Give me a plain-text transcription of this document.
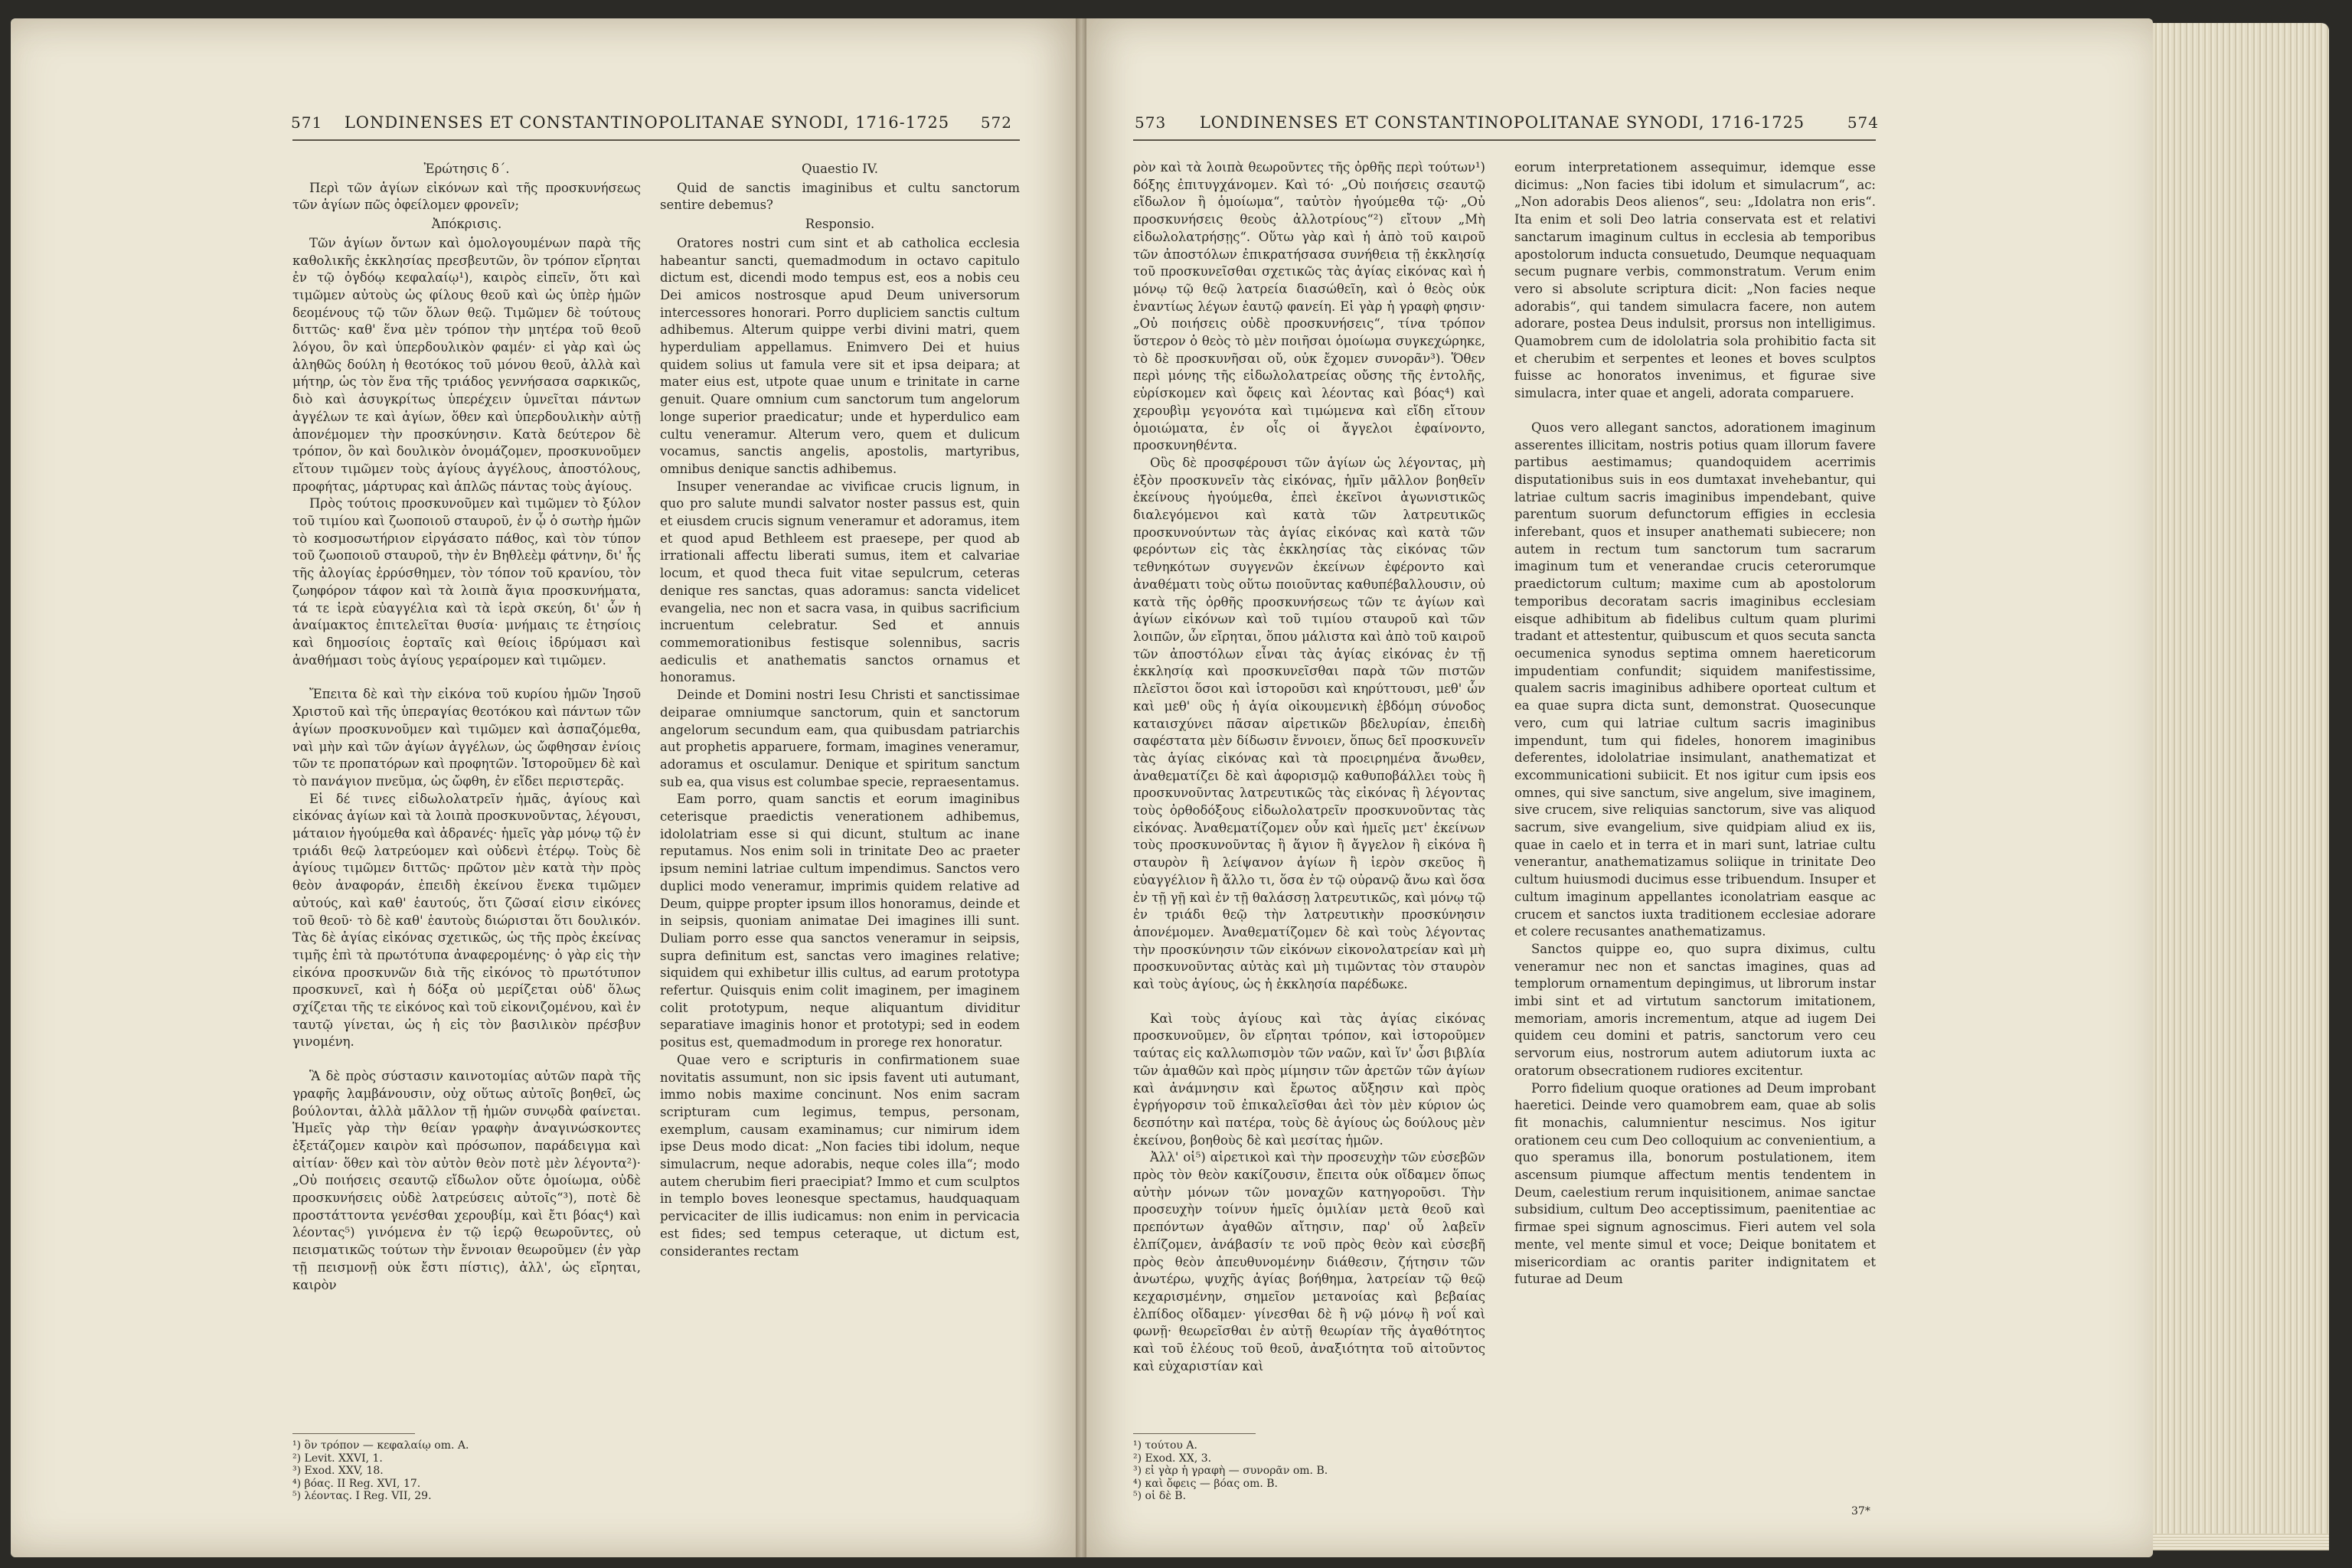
571	LONDINENSES ET CONSTANTINOPOLITANAE SYNODI, 1716-1725	572	573	LONDINENSES ET CONSTANTINOPOLITANAE SYNODI, 1716-1725	574

Ἐρώτησις δ΄.

Περὶ τῶν ἁγίων εἰκόνων καὶ τῆς προσκυνήσεως τῶν ἁγίων πῶς ὀφείλομεν φρονεῖν;

Ἀπόκρισις.

Τῶν ἁγίων ὄντων καὶ ὁμολογουμένων παρὰ τῆς καθολικῆς ἐκκλησίας πρεσβευτῶν, ὃν τρόπον εἴρηται ἐν τῷ ὀγδόῳ κεφαλαίῳ¹), καιρὸς εἰπεῖν, ὅτι καὶ τιμῶμεν αὐτοὺς ὡς φίλους θεοῦ καὶ ὡς ὑπὲρ ἡμῶν δεομένους τῷ τῶν ὅλων θεῷ. Τιμῶμεν δὲ τούτους διττῶς· καθ' ἕνα μὲν τρόπον τὴν μητέρα τοῦ θεοῦ λόγου, ὃν καὶ ὑπερδουλικὸν φαμέν· εἰ γὰρ καὶ ὡς ἀληθῶς δούλη ἡ θεοτόκος τοῦ μόνου θεοῦ, ἀλλὰ καὶ μήτηρ, ὡς τὸν ἕνα τῆς τριάδος γεννήσασα σαρκικῶς, διὸ καὶ ἀσυγκρίτως ὑπερέχειν ὑμνεῖται πάντων ἀγγέλων τε καὶ ἁγίων, ὅθεν καὶ ὑπερδουλικὴν αὐτῇ ἀπονέμομεν τὴν προσκύνησιν. Κατὰ δεύτερον δὲ τρόπον, ὃν καὶ δουλικὸν ὀνομάζομεν, προσκυνοῦμεν εἴτουν τιμῶμεν τοὺς ἁγίους ἀγγέλους, ἀποστόλους, προφήτας, μάρτυρας καὶ ἁπλῶς πάντας τοὺς ἁγίους.

Πρὸς τούτοις προσκυνοῦμεν καὶ τιμῶμεν τὸ ξύλον τοῦ τιμίου καὶ ζωοποιοῦ σταυροῦ, ἐν ᾧ ὁ σωτὴρ ἡμῶν τὸ κοσμοσωτήριον εἰργάσατο πάθος, καὶ τὸν τύπον τοῦ ζωοποιοῦ σταυροῦ, τὴν ἐν Βηθλεὲμ φάτνην, δι' ἧς τῆς ἀλογίας ἐρρύσθημεν, τὸν τόπον τοῦ κρανίου, τὸν ζωηφόρον τάφον καὶ τὰ λοιπὰ ἅγια προσκυνήματα, τά τε ἱερὰ εὐαγγέλια καὶ τὰ ἱερὰ σκεύη, δι' ὧν ἡ ἀναίμακτος ἐπιτελεῖται θυσία· μνήμαις τε ἐτησίοις καὶ δημοσίοις ἑορταῖς καὶ θείοις ἱδρύμασι καὶ ἀναθήμασι τοὺς ἁγίους γεραίρομεν καὶ τιμῶμεν.

Ἔπειτα δὲ καὶ τὴν εἰκόνα τοῦ κυρίου ἡμῶν Ἰησοῦ Χριστοῦ καὶ τῆς ὑπεραγίας θεοτόκου καὶ πάντων τῶν ἁγίων προσκυνοῦμεν καὶ τιμῶμεν καὶ ἀσπαζόμεθα, ναὶ μὴν καὶ τῶν ἁγίων ἀγγέλων, ὡς ὤφθησαν ἐνίοις τῶν τε προπατόρων καὶ προφητῶν. Ἱστοροῦμεν δὲ καὶ τὸ πανάγιον πνεῦμα, ὡς ὤφθη, ἐν εἴδει περιστερᾶς.

Εἰ δέ τινες εἰδωλολατρεῖν ἡμᾶς, ἁγίους καὶ εἰκόνας ἁγίων καὶ τὰ λοιπὰ προσκυνοῦντας, λέγουσι, μάταιον ἡγούμεθα καὶ ἀδρανές· ἡμεῖς γὰρ μόνῳ τῷ ἐν τριάδι θεῷ λατρεύομεν καὶ οὐδενὶ ἑτέρῳ. Τοὺς δὲ ἁγίους τιμῶμεν διττῶς· πρῶτον μὲν κατὰ τὴν πρὸς θεὸν ἀναφοράν, ἐπειδὴ ἐκείνου ἕνεκα τιμῶμεν αὐτούς, καὶ καθ' ἑαυτούς, ὅτι ζῶσαί εἰσιν εἰκόνες τοῦ θεοῦ· τὸ δὲ καθ' ἑαυτοὺς διώρισται ὅτι δουλικόν. Τὰς δὲ ἁγίας εἰκόνας σχετικῶς, ὡς τῆς πρὸς ἐκείνας τιμῆς ἐπὶ τὰ πρωτότυπα ἀναφερομένης· ὁ γὰρ εἰς τὴν εἰκόνα προσκυνῶν διὰ τῆς εἰκόνος τὸ πρωτότυπον προσκυνεῖ, καὶ ἡ δόξα οὐ μερίζεται οὐδ' ὅλως σχίζεται τῆς τε εἰκόνος καὶ τοῦ εἰκονιζομένου, καὶ ἐν ταυτῷ γίνεται, ὡς ἡ εἰς τὸν βασιλικὸν πρέσβυν γινομένη.

Ἃ δὲ πρὸς σύστασιν καινοτομίας αὐτῶν παρὰ τῆς γραφῆς λαμβάνουσιν, οὐχ οὕτως αὐτοῖς βοηθεῖ, ὡς βούλονται, ἀλλὰ μᾶλλον τῇ ἡμῶν συνῳδὰ φαίνεται. Ἡμεῖς γὰρ τὴν θείαν γραφὴν ἀναγινώσκοντες ἐξετάζομεν καιρὸν καὶ πρόσωπον, παράδειγμα καὶ αἰτίαν· ὅθεν καὶ τὸν αὐτὸν θεὸν ποτὲ μὲν λέγοντα²)· „Οὐ ποιήσεις σεαυτῷ εἴδωλον οὔτε ὁμοίωμα, οὐδὲ προσκυνήσεις οὐδὲ λατρεύσεις αὐτοῖς“³), ποτὲ δὲ προστάττοντα γενέσθαι χερουβίμ, καὶ ἔτι βόας⁴) καὶ λέοντας⁵) γινόμενα ἐν τῷ ἱερῷ θεωροῦντες, οὐ πεισματικῶς τούτων τὴν ἔννοιαν θεωροῦμεν (ἐν γὰρ τῇ πεισμονῇ οὐκ ἔστι πίστις), ἀλλ', ὡς εἴρηται, καιρὸν

Quaestio IV.

Quid de sanctis imaginibus et cultu sanctorum sentire debemus?

Responsio.

Oratores nostri cum sint et ab catholica ecclesia habeantur sancti, quemadmodum in octavo capitulo dictum est, dicendi modo tempus est, eos a nobis ceu Dei amicos nostrosque apud Deum universorum intercessores honorari. Porro dupliciem sanctis cultum adhibemus. Alterum quippe verbi divini matri, quem hyperduliam appellamus. Enimvero Dei et huius quidem solius ut famula vere sit et ipsa deipara; at mater eius est, utpote quae unum e trinitate in carne genuit. Quare omnium cum sanctorum tum angelorum longe superior praedicatur; unde et hyperdulico eam cultu veneramur. Alterum vero, quem et dulicum vocamus, sanctis angelis, apostolis, martyribus, omnibus denique sanctis adhibemus.

Insuper venerandae ac vivificae crucis lignum, in quo pro salute mundi salvator noster passus est, quin et eiusdem crucis signum veneramur et adoramus, item et quod apud Bethleem est praesepe, per quod ab irrationali affectu liberati sumus, item et calvariae locum, et quod theca fuit vitae sepulcrum, ceteras denique res sanctas, quas adoramus: sancta videlicet evangelia, nec non et sacra vasa, in quibus sacrificium incruentum celebratur. Sed et annuis commemorationibus festisque solennibus, sacris aediculis et anathematis sanctos ornamus et honoramus.

Deinde et Domini nostri Iesu Christi et sanctissimae deiparae omniumque sanctorum, quin et sanctorum angelorum secundum eam, qua quibusdam patriarchis aut prophetis apparuere, formam, imagines veneramur, adoramus et osculamur. Denique et spiritum sanctum sub ea, qua visus est columbae specie, repraesentamus.

Eam porro, quam sanctis et eorum imaginibus ceterisque praedictis venerationem adhibemus, idololatriam esse si qui dicunt, stultum ac inane reputamus. Nos enim soli in trinitate Deo ac praeter ipsum nemini latriae cultum impendimus. Sanctos vero duplici modo veneramur, imprimis quidem relative ad Deum, quippe propter ipsum illos honoramus, deinde et in seipsis, quoniam animatae Dei imagines illi sunt. Duliam porro esse qua sanctos veneramur in seipsis, supra definitum est, sanctas vero imagines relative; siquidem qui exhibetur illis cultus, ad earum prototypa refertur. Quisquis enim colit imaginem, per imaginem colit prototypum, neque aliquantum dividitur separatiave imaginis honor et prototypi; sed in eodem positus est, quemadmodum in prorege rex honoratur.

Quae vero e scripturis in confirmationem suae novitatis assumunt, non sic ipsis favent uti autumant, immo nobis maxime concinunt. Nos enim sacram scripturam cum legimus, tempus, personam, exemplum, causam examinamus; cur nimirum idem ipse Deus modo dicat: „Non facies tibi idolum, neque simulacrum, neque adorabis, neque coles illa“; modo autem cherubim fieri praecipiat? Immo et cum sculptos in templo boves leonesque spectamus, haudquaquam pervicaciter de illis iudicamus: non enim in pervicacia est fides; sed tempus ceteraque, ut dictum est, considerantes rectam

ρὸν καὶ τὰ λοιπὰ θεωροῦντες τῆς ὀρθῆς περὶ τούτων¹) δόξης ἐπιτυγχάνομεν. Καὶ τό· „Οὐ ποιήσεις σεαυτῷ εἴδωλον ἢ ὁμοίωμα“, ταὐτὸν ἡγούμεθα τῷ· „Οὐ προσκυνήσεις θεοὺς ἀλλοτρίους“²) εἴτουν „Μὴ εἰδωλολατρήσῃς“. Οὕτω γὰρ καὶ ἡ ἀπὸ τοῦ καιροῦ τῶν ἀποστόλων ἐπικρατήσασα συνήθεια τῇ ἐκκλησίᾳ τοῦ προσκυνεῖσθαι σχετικῶς τὰς ἁγίας εἰκόνας καὶ ἡ μόνῳ τῷ θεῷ λατρεία διασώθεῖη, καὶ ὁ θεὸς οὐκ ἐναντίως λέγων ἑαυτῷ φανείη. Εἰ γὰρ ἡ γραφὴ φησιν· „Οὐ ποιήσεις οὐδὲ προσκυνήσεις“, τίνα τρόπον ὕστερον ὁ θεὸς τὸ μὲν ποιῆσαι ὁμοίωμα συγκεχώρηκε, τὸ δὲ προσκυνῆσαι οὔ, οὐκ ἔχομεν συνορᾶν³). Ὅθεν περὶ μόνης τῆς εἰδωλολατρείας οὔσης τῆς ἐντολῆς, εὑρίσκομεν καὶ ὄφεις καὶ λέοντας καὶ βόας⁴) καὶ χερουβὶμ γεγονότα καὶ τιμώμενα καὶ εἴδη εἴτουν ὁμοιώματα, ἐν οἷς οἱ ἄγγελοι ἐφαίνοντο, προσκυνηθέντα.

Οὓς δὲ προσφέρουσι τῶν ἁγίων ὡς λέγοντας, μὴ ἐξὸν προσκυνεῖν τὰς εἰκόνας, ἡμῖν μᾶλλον βοηθεῖν ἐκείνους ἡγούμεθα, ἐπεὶ ἐκεῖνοι ἀγωνιστικῶς διαλεγόμενοι καὶ κατὰ τῶν λατρευτικῶς προσκυνούντων τὰς ἁγίας εἰκόνας καὶ κατὰ τῶν φερόντων εἰς τὰς ἐκκλησίας τὰς εἰκόνας τῶν τεθνηκότων συγγενῶν ἐκείνων ἐφέροντο καὶ ἀναθέματι τοὺς οὕτω ποιοῦντας καθυπέβαλλουσιν, οὐ κατὰ τῆς ὀρθῆς προσκυνήσεως τῶν τε ἁγίων καὶ ἁγίων εἰκόνων καὶ τοῦ τιμίου σταυροῦ καὶ τῶν λοιπῶν, ὧν εἴρηται, ὅπου μάλιστα καὶ ἀπὸ τοῦ καιροῦ τῶν ἀποστόλων εἶναι τὰς ἁγίας εἰκόνας ἐν τῇ ἐκκλησίᾳ καὶ προσκυνεῖσθαι παρὰ τῶν πιστῶν πλεῖστοι ὅσοι καὶ ἱστοροῦσι καὶ κηρύττουσι, μεθ' ὧν καὶ μεθ' οὓς ἡ ἁγία οἰκουμενικὴ ἑβδόμη σύνοδος καταισχύνει πᾶσαν αἱρετικῶν βδελυρίαν, ἐπειδὴ σαφέστατα μὲν δίδωσιν ἔννοιεν, ὅπως δεῖ προσκυνεῖν τὰς ἁγίας εἰκόνας καὶ τὰ προειρημένα ἄνωθεν, ἀναθεματίζει δὲ καὶ ἀφορισμῷ καθυποβάλλει τοὺς ἢ προσκυνοῦντας λατρευτικῶς τὰς εἰκόνας ἢ λέγοντας τοὺς ὀρθοδόξους εἰδωλολατρεῖν προσκυνοῦντας τὰς εἰκόνας. Ἀναθεματίζομεν οὖν καὶ ἡμεῖς μετ' ἐκείνων τοὺς προσκυνοῦντας ἢ ἅγιον ἢ ἄγγελον ἢ εἰκόνα ἢ σταυρὸν ἢ λείψανον ἁγίων ἢ ἱερὸν σκεῦος ἢ εὐαγγέλιον ἢ ἄλλο τι, ὅσα ἐν τῷ οὐρανῷ ἄνω καὶ ὅσα ἐν τῇ γῇ καὶ ἐν τῇ θαλάσσῃ λατρευτικῶς, καὶ μόνῳ τῷ ἐν τριάδι θεῷ τὴν λατρευτικὴν προσκύνησιν ἀπονέμομεν. Ἀναθεματίζομεν δὲ καὶ τοὺς λέγοντας τὴν προσκύνησιν τῶν εἰκόνων εἰκονολατρείαν καὶ μὴ προσκυνοῦντας αὐτὰς καὶ μὴ τιμῶντας τὸν σταυρὸν καὶ τοὺς ἁγίους, ὡς ἡ ἐκκλησία παρέδωκε.

Καὶ τοὺς ἁγίους καὶ τὰς ἁγίας εἰκόνας προσκυνοῦμεν, ὃν εἴρηται τρόπον, καὶ ἱστοροῦμεν ταύτας εἰς καλλωπισμὸν τῶν ναῶν, καὶ ἵν' ὦσι βιβλία τῶν ἀμαθῶν καὶ πρὸς μίμησιν τῶν ἀρετῶν τῶν ἁγίων καὶ ἀνάμνησιν καὶ ἔρωτος αὔξησιν καὶ πρὸς ἐγρήγορσιν τοῦ ἐπικαλεῖσθαι ἀεὶ τὸν μὲν κύριον ὡς δεσπότην καὶ πατέρα, τοὺς δὲ ἁγίους ὡς δούλους μὲν ἐκείνου, βοηθοὺς δὲ καὶ μεσίτας ἡμῶν.

Ἀλλ' οἱ⁵) αἱρετικοὶ καὶ τὴν προσευχὴν τῶν εὐσεβῶν πρὸς τὸν θεὸν κακίζουσιν, ἔπειτα οὐκ οἴδαμεν ὅπως αὐτὴν μόνων τῶν μοναχῶν κατηγοροῦσι. Τὴν προσευχὴν τοίνυν ἡμεῖς ὁμιλίαν μετὰ θεοῦ καὶ πρεπόντων ἀγαθῶν αἴτησιν, παρ' οὗ λαβεῖν ἐλπίζομεν, ἀνάβασίν τε νοῦ πρὸς θεὸν καὶ εὐσεβῆ πρὸς θεὸν ἀπευθυνομένην διάθεσιν, ζήτησιν τῶν ἀνωτέρω, ψυχῆς ἁγίας βοήθημα, λατρείαν τῷ θεῷ κεχαρισμένην, σημεῖον μετανοίας καὶ βεβαίας ἐλπίδος οἴδαμεν· γίνεσθαι δὲ ἢ νῷ μόνῳ ἢ νοΐ καὶ φωνῇ· θεωρεῖσθαι ἐν αὐτῇ θεωρίαν τῆς ἀγαθότητος καὶ τοῦ ἐλέους τοῦ θεοῦ, ἀναξιότητα τοῦ αἰτοῦντος καὶ εὐχαριστίαν καὶ

eorum interpretationem assequimur, idemque esse dicimus: „Non facies tibi idolum et simulacrum“, ac: „Non adorabis Deos alienos“, seu: „Idolatra non eris“. Ita enim et soli Deo latria conservata est et relativi sanctarum imaginum cultus in ecclesia ab temporibus apostolorum inducta consuetudo, Deumque nequaquam secum pugnare verbis, commonstratum. Verum enim vero si absolute scriptura dicit: „Non facies neque adorabis“, qui tandem simulacra facere, non autem adorare, postea Deus indulsit, prorsus non intelligimus. Quamobrem cum de idololatria sola prohibitio facta sit et cherubim et serpentes et leones et boves sculptos fuisse ac honoratos invenimus, et figurae sive simulacra, inter quae et angeli, adorata comparuere.

Quos vero allegant sanctos, adorationem imaginum asserentes illicitam, nostris potius quam illorum favere partibus aestimamus; quandoquidem acerrimis disputationibus suis in eos dumtaxat invehebantur, qui latriae cultum sacris imaginibus impendebant, quive parentum suorum defunctorum effigies in ecclesia inferebant, quos et insuper anathemati subiecere; non autem in rectum tum sanctorum tum sacrarum imaginum tum et venerandae crucis ceterorumque praedictorum cultum; maxime cum ab apostolorum temporibus decoratam sacris imaginibus ecclesiam eisque adhibitum ab fidelibus cultum quam plurimi tradant et attestentur, quibuscum et quos secuta sancta oecumenica synodus septima omnem haereticorum impudentiam confundit; siquidem manifestissime, qualem sacris imaginibus adhibere oporteat cultum et ea quae supra dicta sunt, demonstrat. Quosecunque vero, cum qui latriae cultum sacris imaginibus impendunt, tum qui fideles, honorem imaginibus deferentes, idololatriae insimulant, anathematizat et excommunicationi subiicit. Et nos igitur cum ipsis eos omnes, qui sive sanctum, sive angelum, sive imaginem, sive crucem, sive reliquias sanctorum, sive vas aliquod sacrum, sive evangelium, sive quidpiam aliud ex iis, quae in caelo et in terra et in mari sunt, latriae cultu venerantur, anathematizamus soliique in trinitate Deo cultum huiusmodi ducimus esse tribuendum. Insuper et cultum imaginum appellantes iconolatriam easque ac crucem et sanctos iuxta traditionem ecclesiae adorare et colere recusantes anathematizamus.

Sanctos quippe eo, quo supra diximus, cultu veneramur nec non et sanctas imagines, quas ad templorum ornamentum depingimus, ut librorum instar imbi sint et ad virtutum sanctorum imitationem, memoriam, amoris incrementum, atque ad iugem Dei quidem ceu domini et patris, sanctorum vero ceu servorum eius, nostrorum autem adiutorum iuxta ac oratorum obsecrationem rudiores excitentur.

Porro fidelium quoque orationes ad Deum improbant haeretici. Deinde vero quamobrem eam, quae ab solis fit monachis, calumnientur nescimus. Nos igitur orationem ceu cum Deo colloquium ac convenientium, a quo speramus illa, bonorum postulationem, item ascensum piumque affectum mentis tendentem in Deum, caelestium rerum inquisitionem, animae sanctae subsidium, cultum Deo acceptissimum, paenitentiae ac firmae spei signum agnoscimus. Fieri autem vel sola mente, vel mente simul et voce; Deique bonitatem et misericordiam ac orantis pariter indignitatem et futurae ad Deum

¹) ὃν τρόπον — κεφαλαίῳ om. A.
²) Levit. XXVI, 1.
³) Exod. XXV, 18.
⁴) βόας. II Reg. XVI, 17.
⁵) λέοντας. I Reg. VII, 29.
¹) τούτου A.
²) Exod. XX, 3.
³) εἰ γὰρ ἡ γραφὴ — συνορᾶν om. B.
⁴) καὶ ὄφεις — βόας om. B.
⁵) οἱ δὲ B.
37*
